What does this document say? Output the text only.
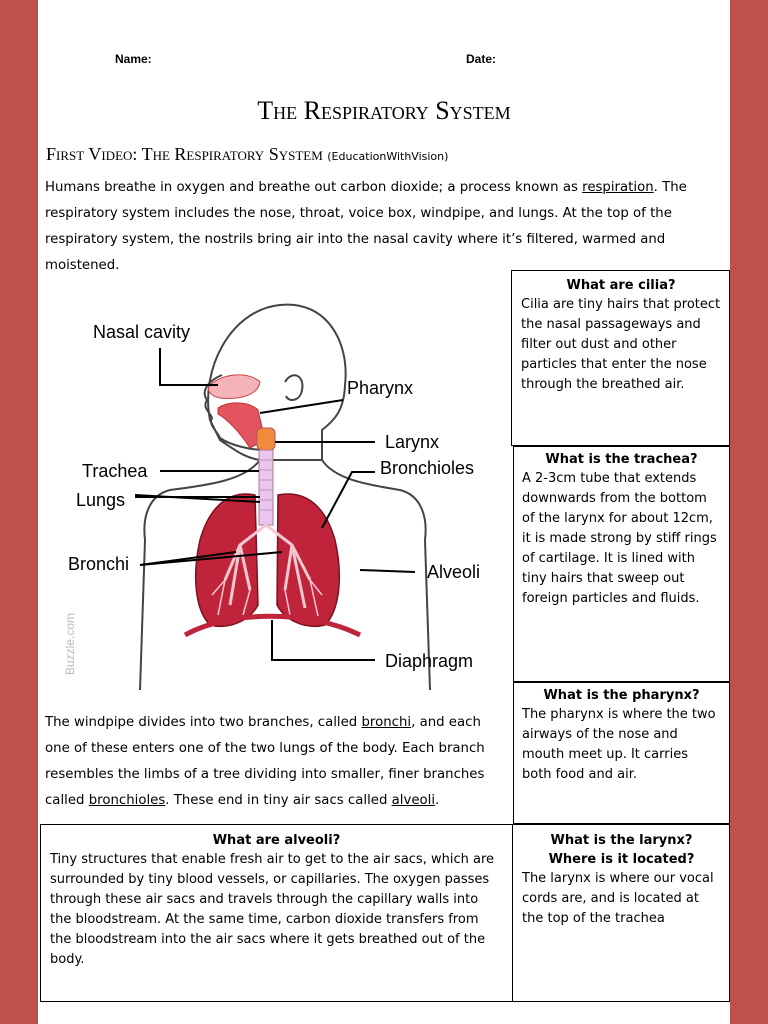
Name:	Date:
The Respiratory System
First Video: The Respiratory System (EducationWithVision)
Humans breathe in oxygen and breathe out carbon dioxide; a process known as respiration. The respiratory system includes the nose, throat, voice box, windpipe, and lungs. At the top of the respiratory system, the nostrils bring air into the nasal cavity where it’s filtered, warmed and moistened.
Buzzle.com
Nasal cavity
Pharynx
Larynx
Bronchioles
Trachea
Lungs
Bronchi	Alveoli
Diaphragm
The windpipe divides into two branches, called bronchi, and each one of these enters one of the two lungs of the body. Each branch resembles the limbs of a tree dividing into smaller, finer branches called bronchioles. These end in tiny air sacs called alveoli.
What are cilia?
Cilia are tiny hairs that protect the nasal passageways and filter out dust and other particles that enter the nose through the breathed air.
What is the trachea?
A 2-3cm tube that extends downwards from the bottom of the larynx for about 12cm, it is made strong by stiff rings of cartilage. It is lined with tiny hairs that sweep out foreign particles and fluids.
What is the pharynx?
The pharynx is where the two airways of the nose and mouth meet up. It carries both food and air.
What are alveoli?
Tiny structures that enable fresh air to get to the air sacs, which are surrounded by tiny blood vessels, or capillaries. The oxygen passes through these air sacs and travels through the capillary walls into the bloodstream. At the same time, carbon dioxide transfers from the bloodstream into the air sacs where it gets breathed out of the body.
What is the larynx?
Where is it located?
The larynx is where our vocal cords are, and is located at the top of the trachea
